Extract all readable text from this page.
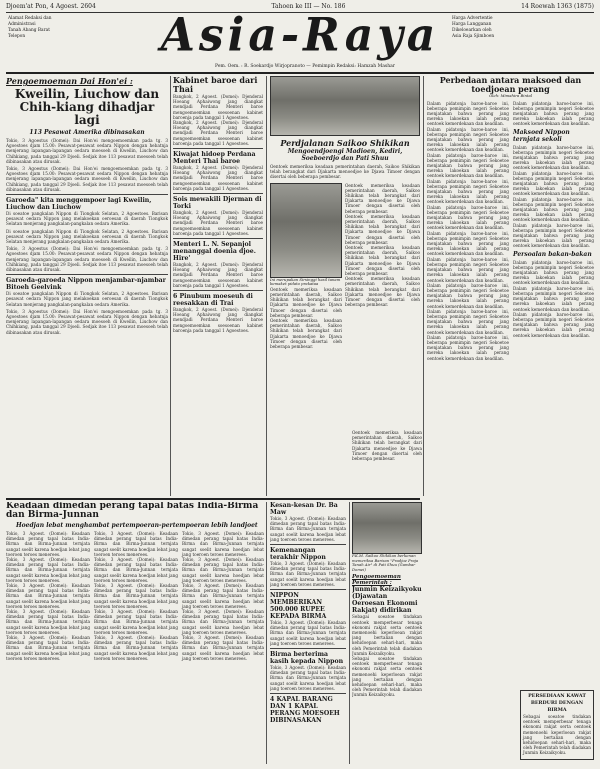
Djoem'at Pon, 4 Agoest. 2604	Tahoen ke III — No. 186	14 Roewah 1363 (1875)
Alamat Redaksi dan
Administrasi
Tanah Abang Barat
Telepon	Asia-Raya	Harga Advertentie
Harga Langganan
Dikeloearkan oleh
Asia Raja Sjimboen
Pem. Oem. : R. Soekardjo Wirjopranoto — Pemimpin Redaksi: Hamzah Mashar
Pengoemoeman Dai Hon'ei :
Kweilin, Liuchow dan Chih-kiang dihadjar lagi
113 Pesawat Amerika dibinasakan
Tokio, 3 Agoestus (Domei): Dai Hon'ei mengoemoemkan pada tg. 3 Agoestoes djam 15.00: Pesawat-pesawat oedara Nippon dengan hebatnja menjerang lapangan-lapangan oedara moesoeh di Kweilin, Liuchow dan Chihkiang, pada tanggal 29 Djoeli. Sedjak itoe 113 pesawat moesoeh telah dibinasakan atau dirusak.
Tokio, 3 Agoestus (Domei): Dai Hon'ei mengoemoemkan pada tg. 3 Agoestoes djam 15.00: Pesawat-pesawat oedara Nippon dengan hebatnja menjerang lapangan-lapangan oedara moesoeh di Kweilin, Liuchow dan Chihkiang, pada tanggal 29 Djoeli. Sedjak itoe 113 pesawat moesoeh telah dibinasakan atau dirusak.
Garoeda" kita menggempoer lagi Kweilin, Liuchow dan Liuchow
Di soeatoe pangkalan Nippon di Tiongkok Selatan, 2 Agoestoes. Barisan pesawat oedara Nippon jang melakoekan oeroesan di daerah Tiongkok Selatan menjerang pangkalan-pangkalan oedara Amerika.
Di soeatoe pangkalan Nippon di Tiongkok Selatan, 2 Agoestoes. Barisan pesawat oedara Nippon jang melakoekan oeroesan di daerah Tiongkok Selatan menjerang pangkalan-pangkalan oedara Amerika.
Tokio, 3 Agoestus (Domei): Dai Hon'ei mengoemoemkan pada tg. 3 Agoestoes djam 15.00: Pesawat-pesawat oedara Nippon dengan hebatnja menjerang lapangan-lapangan oedara moesoeh di Kweilin, Liuchow dan Chihkiang, pada tanggal 29 Djoeli. Sedjak itoe 113 pesawat moesoeh telah dibinasakan atau dirusak.
Garoeda-garoeda Nippon menjambar-njambar Bitoeh Geelvink
Di soeatoe pangkalan Nippon di Tiongkok Selatan, 2 Agoestoes. Barisan pesawat oedara Nippon jang melakoekan oeroesan di daerah Tiongkok Selatan menjerang pangkalan-pangkalan oedara Amerika.
Tokio, 3 Agoestus (Domei): Dai Hon'ei mengoemoemkan pada tg. 3 Agoestoes djam 15.00: Pesawat-pesawat oedara Nippon dengan hebatnja menjerang lapangan-lapangan oedara moesoeh di Kweilin, Liuchow dan Chihkiang, pada tanggal 29 Djoeli. Sedjak itoe 113 pesawat moesoeh telah dibinasakan atau dirusak.
Kabinet baroe dari Thai
Bangkok, 2 Agoest. (Domei): Djenderal Hoeang Aphaiwong jang diangkat mendjadi Perdana Menteri baroe mengoemoemkan soesoenan kabinet baroenja pada tanggal 1 Agoestoes.
Bangkok, 2 Agoest. (Domei): Djenderal Hoeang Aphaiwong jang diangkat mendjadi Perdana Menteri baroe mengoemoemkan soesoenan kabinet baroenja pada tanggal 1 Agoestoes.
Kiwajat hidoep Perdana Menteri Thai baroe
Bangkok, 2 Agoest. (Domei): Djenderal Hoeang Aphaiwong jang diangkat mendjadi Perdana Menteri baroe mengoemoemkan soesoenan kabinet baroenja pada tanggal 1 Agoestoes.
Sois mewakili Djerman di Torki
Bangkok, 2 Agoest. (Domei): Djenderal Hoeang Aphaiwong jang diangkat mendjadi Perdana Menteri baroe mengoemoemkan soesoenan kabinet baroenja pada tanggal 1 Agoestoes.
Menteri L. N. Sepanjol menanggal doenia djoe. Hire'
Bangkok, 2 Agoest. (Domei): Djenderal Hoeang Aphaiwong jang diangkat mendjadi Perdana Menteri baroe mengoemoemkan soesoenan kabinet baroenja pada tanggal 1 Agoestoes.
6 Pinubum moeseuh di reesakkan di Trai
Bangkok, 2 Agoest. (Domei): Djenderal Hoeang Aphaiwong jang diangkat mendjadi Perdana Menteri baroe mengoemoemkan soesoenan kabinet baroenja pada tanggal 1 Agoestoes.
Perdjalanan Saikoo Shikikan
Mengoendjoengi Madioen, Kediri, Soeboerdjo dan Pati Shuu
Oentoek memeriksa keadaan pemerintahan daerah, Saikoo Shikikan telah berangkat dari Djakarta menoedjoe ke Djawa Timoer dengan disertai oleh beberapa pembesar.
Ini merupakan Sirsinggi hasil tanam bemaket pidato prakataa
Oentoek memeriksa keadaan pemerintahan daerah, Saikoo Shikikan telah berangkat dari Djakarta menoedjoe ke Djawa Timoer dengan disertai oleh beberapa pembesar.
Oentoek memeriksa keadaan pemerintahan daerah, Saikoo Shikikan telah berangkat dari Djakarta menoedjoe ke Djawa Timoer dengan disertai oleh beberapa pembesar.
Oentoek memeriksa keadaan pemerintahan daerah, Saikoo Shikikan telah berangkat dari Djakarta menoedjoe ke Djawa Timoer dengan disertai oleh beberapa pembesar.
Oentoek memeriksa keadaan pemerintahan daerah, Saikoo Shikikan telah berangkat dari Djakarta menoedjoe ke Djawa Timoer dengan disertai oleh beberapa pembesar.
Oentoek memeriksa keadaan pemerintahan daerah, Saikoo Shikikan telah berangkat dari Djakarta menoedjoe ke Djawa Timoer dengan disertai oleh beberapa pembesar.
Oentoek memeriksa keadaan pemerintahan daerah, Saikoo Shikikan telah berangkat dari Djakarta menoedjoe ke Djawa Timoer dengan disertai oleh beberapa pembesar.
Perbedaan antara maksoed dan toedjoean perang
Oleh: Mimahira Bintal
Dalam pidatonja baroe-baroe ini, beberapa pemimpin negeri Sekoetoe menjatakan bahwa perang jang mereka lakoekan ialah perang oentoek kemerdekaan dan keadilan.
Dalam pidatonja baroe-baroe ini, beberapa pemimpin negeri Sekoetoe menjatakan bahwa perang jang mereka lakoekan ialah perang oentoek kemerdekaan dan keadilan.
Dalam pidatonja baroe-baroe ini, beberapa pemimpin negeri Sekoetoe menjatakan bahwa perang jang mereka lakoekan ialah perang oentoek kemerdekaan dan keadilan.
Dalam pidatonja baroe-baroe ini, beberapa pemimpin negeri Sekoetoe menjatakan bahwa perang jang mereka lakoekan ialah perang oentoek kemerdekaan dan keadilan.
Dalam pidatonja baroe-baroe ini, beberapa pemimpin negeri Sekoetoe menjatakan bahwa perang jang mereka lakoekan ialah perang oentoek kemerdekaan dan keadilan.
Dalam pidatonja baroe-baroe ini, beberapa pemimpin negeri Sekoetoe menjatakan bahwa perang jang mereka lakoekan ialah perang oentoek kemerdekaan dan keadilan.
Dalam pidatonja baroe-baroe ini, beberapa pemimpin negeri Sekoetoe menjatakan bahwa perang jang mereka lakoekan ialah perang oentoek kemerdekaan dan keadilan.
Dalam pidatonja baroe-baroe ini, beberapa pemimpin negeri Sekoetoe menjatakan bahwa perang jang mereka lakoekan ialah perang oentoek kemerdekaan dan keadilan.
Dalam pidatonja baroe-baroe ini, beberapa pemimpin negeri Sekoetoe menjatakan bahwa perang jang mereka lakoekan ialah perang oentoek kemerdekaan dan keadilan.
Dalam pidatonja baroe-baroe ini, beberapa pemimpin negeri Sekoetoe menjatakan bahwa perang jang mereka lakoekan ialah perang oentoek kemerdekaan dan keadilan.
Dalam pidatonja baroe-baroe ini, beberapa pemimpin negeri Sekoetoe menjatakan bahwa perang jang mereka lakoekan ialah perang oentoek kemerdekaan dan keadilan.
Maksoed Nippon ternjata sekoli
Dalam pidatonja baroe-baroe ini, beberapa pemimpin negeri Sekoetoe menjatakan bahwa perang jang mereka lakoekan ialah perang oentoek kemerdekaan dan keadilan.
Dalam pidatonja baroe-baroe ini, beberapa pemimpin negeri Sekoetoe menjatakan bahwa perang jang mereka lakoekan ialah perang oentoek kemerdekaan dan keadilan.
Dalam pidatonja baroe-baroe ini, beberapa pemimpin negeri Sekoetoe menjatakan bahwa perang jang mereka lakoekan ialah perang oentoek kemerdekaan dan keadilan.
Dalam pidatonja baroe-baroe ini, beberapa pemimpin negeri Sekoetoe menjatakan bahwa perang jang mereka lakoekan ialah perang oentoek kemerdekaan dan keadilan.
Persoalan bakan-bakan
Dalam pidatonja baroe-baroe ini, beberapa pemimpin negeri Sekoetoe menjatakan bahwa perang jang mereka lakoekan ialah perang oentoek kemerdekaan dan keadilan.
Dalam pidatonja baroe-baroe ini, beberapa pemimpin negeri Sekoetoe menjatakan bahwa perang jang mereka lakoekan ialah perang oentoek kemerdekaan dan keadilan.
Dalam pidatonja baroe-baroe ini, beberapa pemimpin negeri Sekoetoe menjatakan bahwa perang jang mereka lakoekan ialah perang oentoek kemerdekaan dan keadilan.
Keadaan dimedan perang tapal batas India-Birma dan Birma-Junnan
Hoedjan lebat menghambat pertempoeran-pertempoeran lebih landjoet
Tokio, 3 Agoest. (Domei): Keadaan dimedan perang tapal batas India-Birma dan Birma-Junnan ternjata sangat soelit karena hoedjan lebat jang toeroen teroes menerees.
Tokio, 3 Agoest. (Domei): Keadaan dimedan perang tapal batas India-Birma dan Birma-Junnan ternjata sangat soelit karena hoedjan lebat jang toeroen teroes menerees.
Tokio, 3 Agoest. (Domei): Keadaan dimedan perang tapal batas India-Birma dan Birma-Junnan ternjata sangat soelit karena hoedjan lebat jang toeroen teroes menerees.
Tokio, 3 Agoest. (Domei): Keadaan dimedan perang tapal batas India-Birma dan Birma-Junnan ternjata sangat soelit karena hoedjan lebat jang toeroen teroes menerees.
Tokio, 3 Agoest. (Domei): Keadaan dimedan perang tapal batas India-Birma dan Birma-Junnan ternjata sangat soelit karena hoedjan lebat jang toeroen teroes menerees.
Tokio, 3 Agoest. (Domei): Keadaan dimedan perang tapal batas India-Birma dan Birma-Junnan ternjata sangat soelit karena hoedjan lebat jang toeroen teroes menerees.
Tokio, 3 Agoest. (Domei): Keadaan dimedan perang tapal batas India-Birma dan Birma-Junnan ternjata sangat soelit karena hoedjan lebat jang toeroen teroes menerees.
Tokio, 3 Agoest. (Domei): Keadaan dimedan perang tapal batas India-Birma dan Birma-Junnan ternjata sangat soelit karena hoedjan lebat jang toeroen teroes menerees.
Tokio, 3 Agoest. (Domei): Keadaan dimedan perang tapal batas India-Birma dan Birma-Junnan ternjata sangat soelit karena hoedjan lebat jang toeroen teroes menerees.
Tokio, 3 Agoest. (Domei): Keadaan dimedan perang tapal batas India-Birma dan Birma-Junnan ternjata sangat soelit karena hoedjan lebat jang toeroen teroes menerees.
Tokio, 3 Agoest. (Domei): Keadaan dimedan perang tapal batas India-Birma dan Birma-Junnan ternjata sangat soelit karena hoedjan lebat jang toeroen teroes menerees.
Tokio, 3 Agoest. (Domei): Keadaan dimedan perang tapal batas India-Birma dan Birma-Junnan ternjata sangat soelit karena hoedjan lebat jang toeroen teroes menerees.
Tokio, 3 Agoest. (Domei): Keadaan dimedan perang tapal batas India-Birma dan Birma-Junnan ternjata sangat soelit karena hoedjan lebat jang toeroen teroes menerees.
Tokio, 3 Agoest. (Domei): Keadaan dimedan perang tapal batas India-Birma dan Birma-Junnan ternjata sangat soelit karena hoedjan lebat jang toeroen teroes menerees.
Tokio, 3 Agoest. (Domei): Keadaan dimedan perang tapal batas India-Birma dan Birma-Junnan ternjata sangat soelit karena hoedjan lebat jang toeroen teroes menerees.
Kesan-kesan Dr. Ba Maw
Tokio, 3 Agoest. (Domei): Keadaan dimedan perang tapal batas India-Birma dan Birma-Junnan ternjata sangat soelit karena hoedjan lebat jang toeroen teroes menerees.
Kemenangan terakhir Nippon
Tokio, 3 Agoest. (Domei): Keadaan dimedan perang tapal batas India-Birma dan Birma-Junnan ternjata sangat soelit karena hoedjan lebat jang toeroen teroes menerees.
NIPPON MEMBERIKAN 500.000 RUPEE KEPADA BIRMA
Tokio, 3 Agoest. (Domei): Keadaan dimedan perang tapal batas India-Birma dan Birma-Junnan ternjata sangat soelit karena hoedjan lebat jang toeroen teroes menerees.
Birma berterima kasih kepada Nippon
Tokio, 3 Agoest. (Domei): Keadaan dimedan perang tapal batas India-Birma dan Birma-Junnan ternjata sangat soelit karena hoedjan lebat jang toeroen teroes menerees.
4 KAPAL BARANG DAN 1 KAPAL PERANG MOESOEH DIBINASAKAN
Oentoek memeriksa keadaan pemerintahan daerah, Saikoo Shikikan telah berangkat dari Djakarta menoedjoe ke Djawa Timoer dengan disertai oleh beberapa pembesar.
P.K.M. Saikoo Shikikan berkenan memeriksa Barisan "Pradjoe Praja Tanah Air" di Pati Shuu (Gambar Domei)
Pengoemoeman Pemerintah :
Junmin Keizaikyoku (Djawatan Oeroesan Ekonomi Rakjat) didirikan
Sebagai soeatoe tindakan oentoek memperbesar tenaga ekonomi rakjat serta oentoek memenoehi keperloean rakjat jang bertalian dengan kehidoepan sehari-hari, maka oleh Pemerintah telah diadakan Junmin Keizaikyoku.
Sebagai soeatoe tindakan oentoek memperbesar tenaga ekonomi rakjat serta oentoek memenoehi keperloean rakjat jang bertalian dengan kehidoepan sehari-hari, maka oleh Pemerintah telah diadakan Junmin Keizaikyoku.	PERSEDIAAN KAWAT BERDURI DENGAN BIRMA
Sebagai soeatoe tindakan oentoek memperbesar tenaga ekonomi rakjat serta oentoek memenoehi keperloean rakjat jang bertalian dengan kehidoepan sehari-hari, maka oleh Pemerintah telah diadakan Junmin Keizaikyoku.
